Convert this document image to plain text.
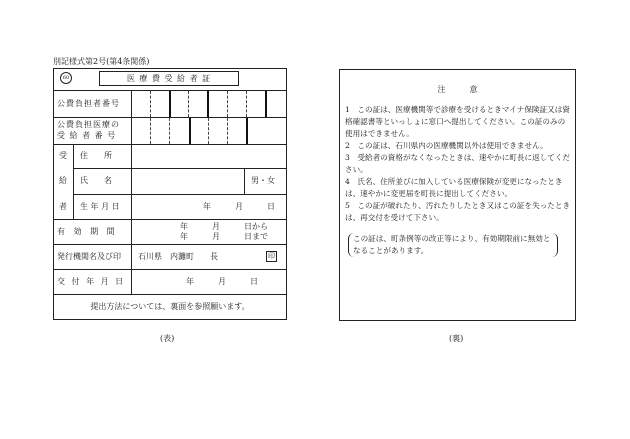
別記様式第2号(第4条関係)
60	医 療 費 受 給 者 証
公費負担者番号
公費負担医療の
受 給 者 番 号
受
給
者
住　　所
氏　　名	男・女
生 年 月 日	年　　　月　　　日
有 効 期 間
年　　　月　　　日から
年　　　月　　　日まで
発行機関名及び印 石川県　内灘町　　長	印
交 付 年 月 日	年　　　月　　　日
提出方法については、裏面を参照願います。
(表)
注　　　意
1　この証は、医療機関等で診療を受けるときマイナ保険証又は資格確認書等といっしょに窓口へ提出してください。この証のみの使用はできません。
2　この証は、石川県内の医療機関以外は使用できません。
3　受給者の資格がなくなったときは、速やかに町長に返してください。
4　氏名、住所並びに加入している医療保険が変更になったときは、速やかに変更届を町長に提出してください。
5　この証が破れたり、汚れたりしたとき又はこの証を失ったときは、再交付を受けて下さい。
この証は、町条例等の改正等により、有効期限前に無効となることがあります。
(裏)
